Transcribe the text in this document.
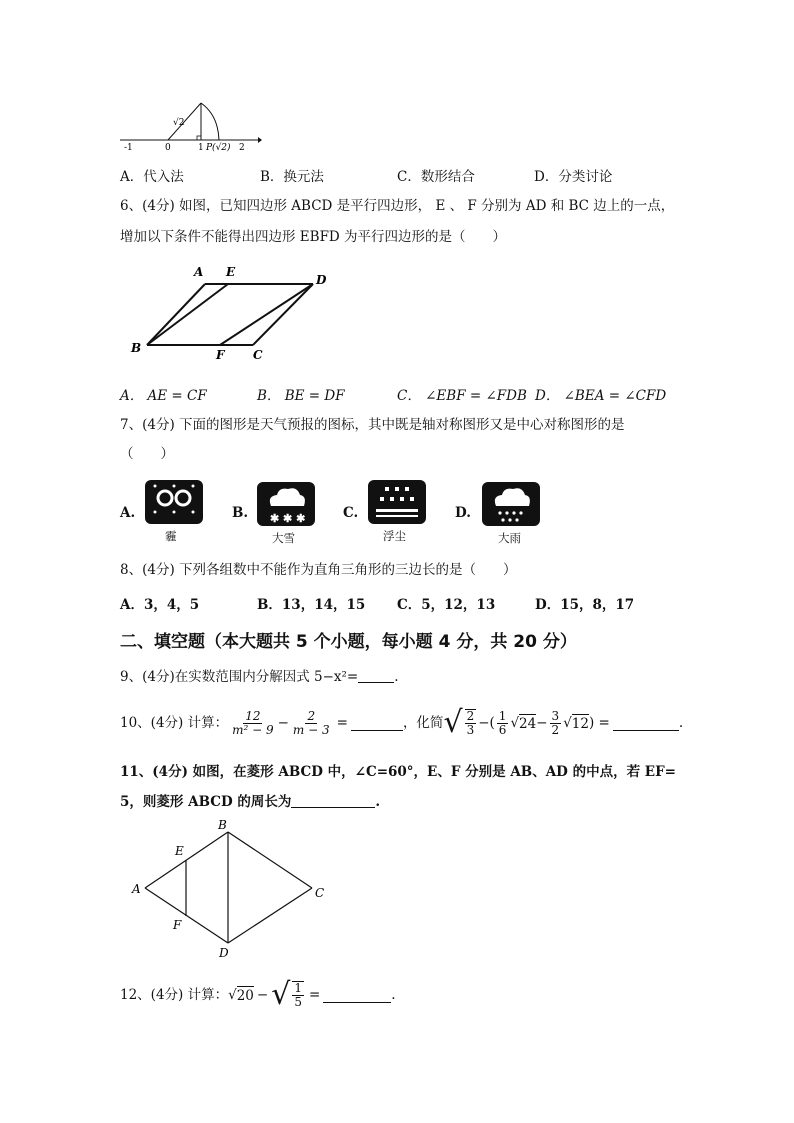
-1	0	1	2
√2
P(√2)
A．代入法	B．换元法	C．数形结合	D．分类讨论
6、(4分) 如图，已知四边形 ABCD 是平行四边形， E 、 F 分别为 AD 和 BC 边上的一点，
增加以下条件不能得出四边形 EBFD 为平行四边形的是（　　）
A E
D
B	F C
A． AE = CF	B． BE = DF	C． ∠EBF = ∠FDB D． ∠BEA = ∠CFD
7、(4分) 下面的图形是天气预报的图标，其中既是轴对称图形又是中心对称图形的是
（　　）
A.
霾
B. ✱ ✱ ✱
大雪
C.
浮尘
D.
大雨
8、(4分) 下列各组数中不能作为直角三角形的三边长的是（　　）
A．3，4，5	B．13，14，15 C．5，12，13	D．15，8，17
二、填空题（本大题共 5 个小题，每小题 4 分，共 20 分）
9、(4分)在实数范围内分解因式 5−x²=	.
10、(4分) 计算： $\frac{12}{\text{m² − 9}} - \frac{2}{m - 3}$ =	，化简 √ $\frac{2}{3}$ −( $\frac{1}{6}$ √ $24 - \frac{3}{2}$ √ 12 ) =	.
11、(4分) 如图，在菱形 ABCD 中，∠C=60°，E、F 分别是 AB、AD 的中点，若 EF=
5，则菱形 ABCD 的周长为	.
A
B
C
D
E
F
12、(4分) 计算： √ 20 − √ $\frac{1}{5}$ =	.
